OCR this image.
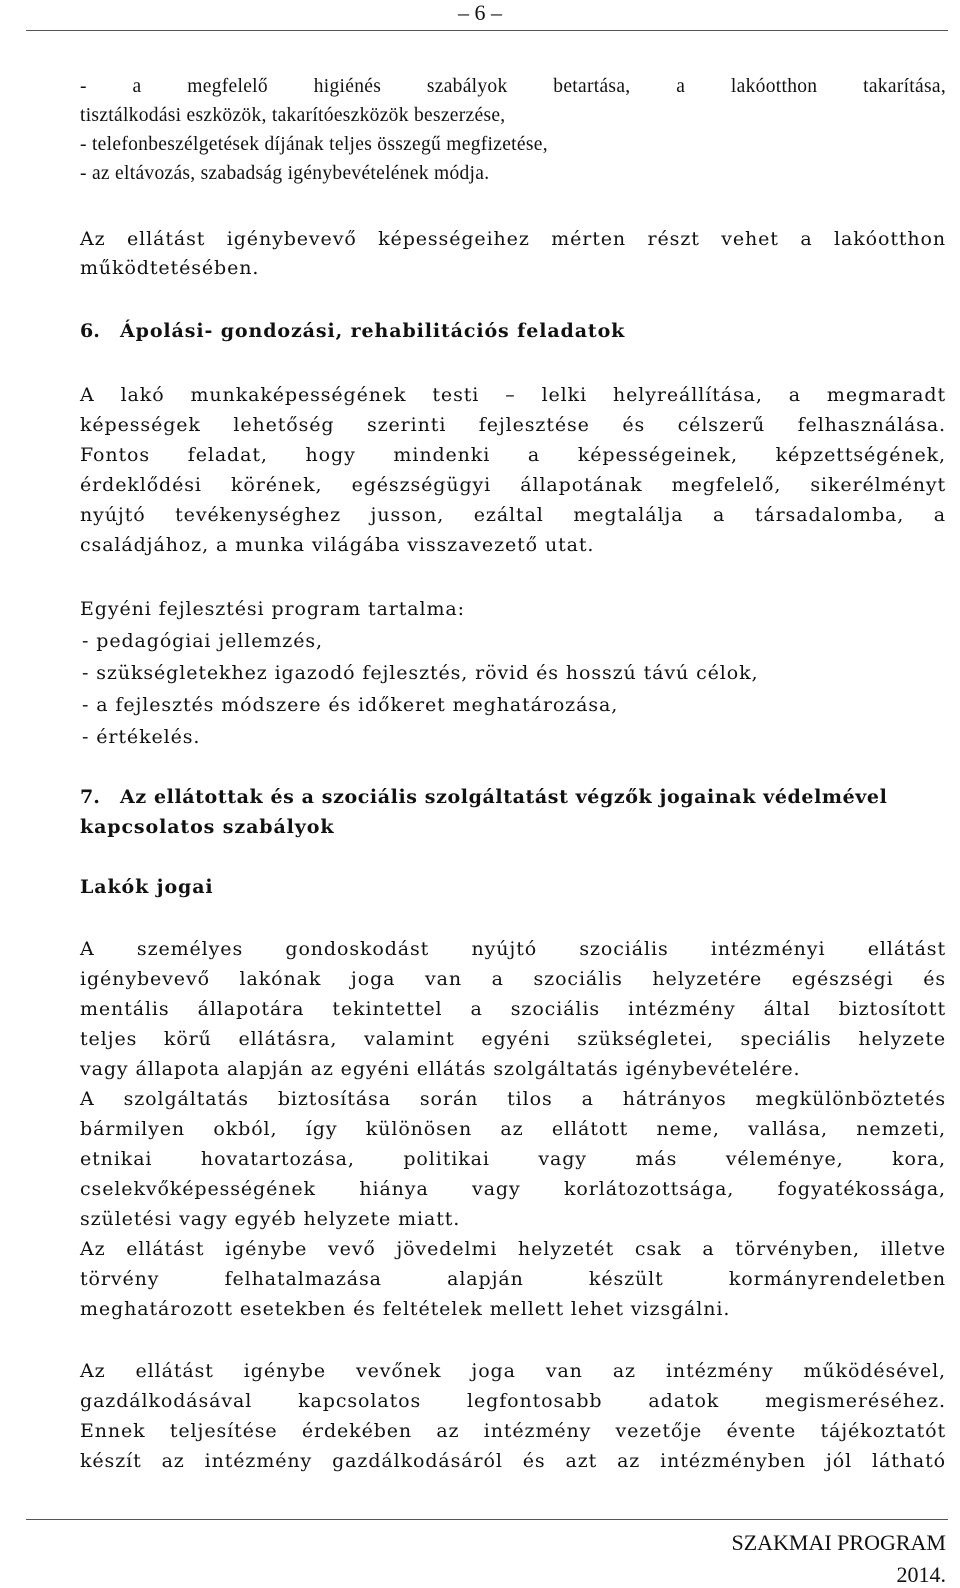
– 6 –
- a megfelelő higiénés szabályok betartása, a lakóotthon takarítása,
tisztálkodási eszközök, takarítóeszközök beszerzése,
- telefonbeszélgetések díjának teljes összegű megfizetése,
- az eltávozás, szabadság igénybevételének módja.
Az ellátást igénybevevő képességeihez mérten részt vehet a lakóotthon
működtetésében.
6. Ápolási- gondozási, rehabilitációs feladatok
A lakó munkaképességének testi – lelki helyreállítása, a megmaradt
képességek lehetőség szerinti fejlesztése és célszerű felhasználása.
Fontos feladat, hogy mindenki a képességeinek, képzettségének,
érdeklődési körének, egészségügyi állapotának megfelelő, sikerélményt
nyújtó tevékenységhez jusson, ezáltal megtalálja a társadalomba, a
családjához, a munka világába visszavezető utat.
Egyéni fejlesztési program tartalma:
- pedagógiai jellemzés,
- szükségletekhez igazodó fejlesztés, rövid és hosszú távú célok,
- a fejlesztés módszere és időkeret meghatározása,
- értékelés.
7. Az ellátottak és a szociális szolgáltatást végzők jogainak védelmével
kapcsolatos szabályok
Lakók jogai
A személyes gondoskodást nyújtó szociális intézményi ellátást
igénybevevő lakónak joga van a szociális helyzetére egészségi és
mentális állapotára tekintettel a szociális intézmény által biztosított
teljes körű ellátásra, valamint egyéni szükségletei, speciális helyzete
vagy állapota alapján az egyéni ellátás szolgáltatás igénybevételére.
A szolgáltatás biztosítása során tilos a hátrányos megkülönböztetés
bármilyen okból, így különösen az ellátott neme, vallása, nemzeti,
etnikai hovatartozása, politikai vagy más véleménye, kora,
cselekvőképességének hiánya vagy korlátozottsága, fogyatékossága,
születési vagy egyéb helyzete miatt.
Az ellátást igénybe vevő jövedelmi helyzetét csak a törvényben, illetve
törvény felhatalmazása alapján készült kormányrendeletben
meghatározott esetekben és feltételek mellett lehet vizsgálni.
Az ellátást igénybe vevőnek joga van az intézmény működésével,
gazdálkodásával kapcsolatos legfontosabb adatok megismeréséhez.
Ennek teljesítése érdekében az intézmény vezetője évente tájékoztatót
készít az intézmény gazdálkodásáról és azt az intézményben jól látható
SZAKMAI PROGRAM
2014.
